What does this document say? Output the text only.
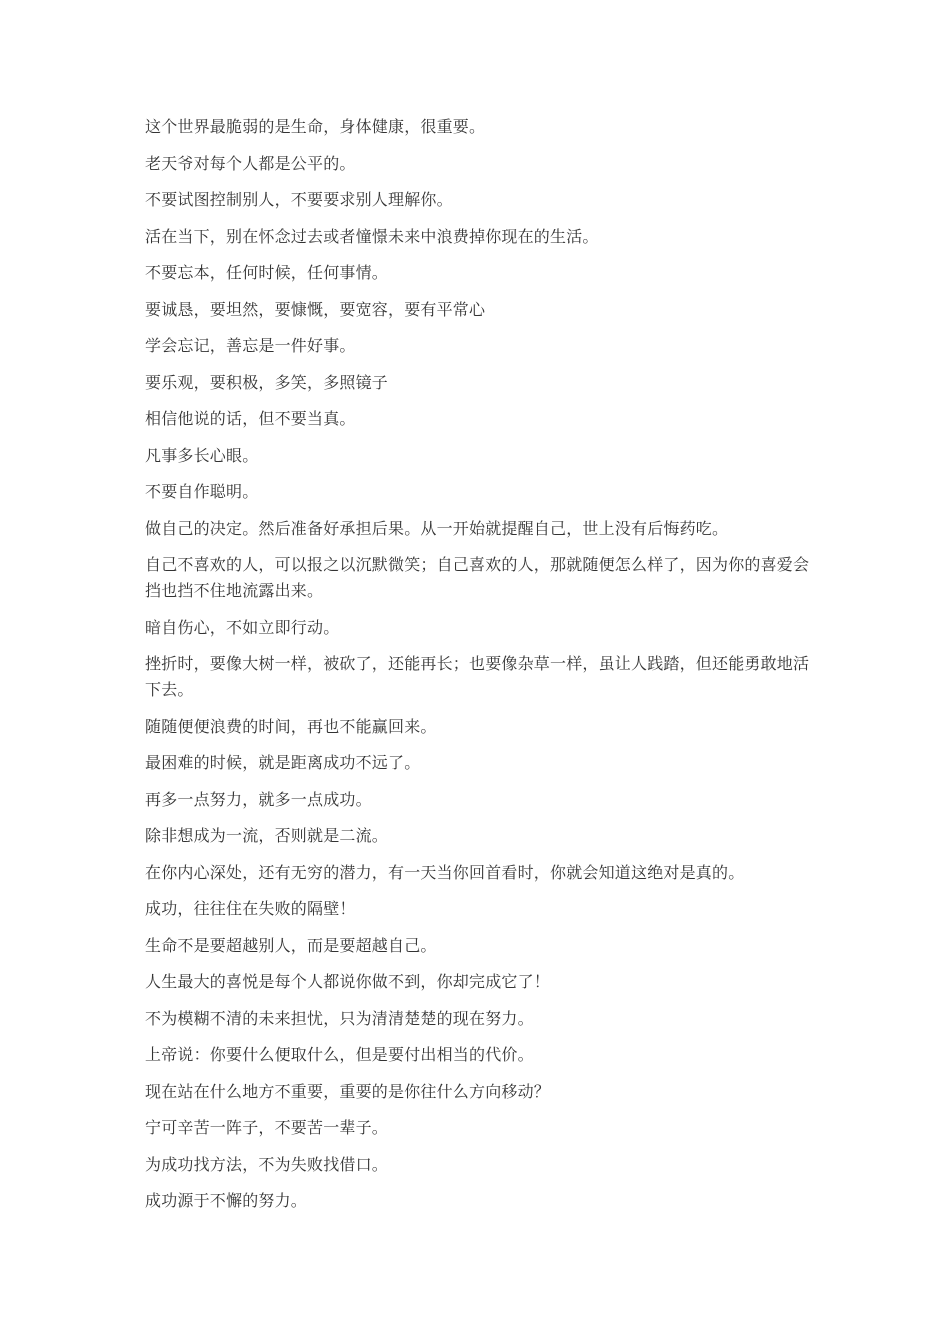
这个世界最脆弱的是生命，身体健康，很重要。

老天爷对每个人都是公平的。

不要试图控制别人，不要要求别人理解你。

活在当下，别在怀念过去或者憧憬未来中浪费掉你现在的生活。

不要忘本，任何时候，任何事情。

要诚恳，要坦然，要慷慨，要宽容，要有平常心

学会忘记，善忘是一件好事。

要乐观，要积极，多笑，多照镜子

相信他说的话，但不要当真。

凡事多长心眼。

不要自作聪明。

做自己的决定。然后准备好承担后果。从一开始就提醒自己，世上没有后悔药吃。

自己不喜欢的人，可以报之以沉默微笑；自己喜欢的人，那就随便怎么样了，因为你的喜爱会挡也挡不住地流露出来。

暗自伤心，不如立即行动。

挫折时，要像大树一样，被砍了，还能再长；也要像杂草一样，虽让人践踏，但还能勇敢地活下去。

随随便便浪费的时间，再也不能赢回来。

最困难的时候，就是距离成功不远了。

再多一点努力，就多一点成功。

除非想成为一流，否则就是二流。

在你内心深处，还有无穷的潜力，有一天当你回首看时，你就会知道这绝对是真的。

成功，往往住在失败的隔壁！

生命不是要超越别人，而是要超越自己。

人生最大的喜悦是每个人都说你做不到，你却完成它了！

不为模糊不清的未来担忧，只为清清楚楚的现在努力。

上帝说：你要什么便取什么，但是要付出相当的代价。

现在站在什么地方不重要，重要的是你往什么方向移动？

宁可辛苦一阵子，不要苦一辈子。

为成功找方法，不为失败找借口。

成功源于不懈的努力。
